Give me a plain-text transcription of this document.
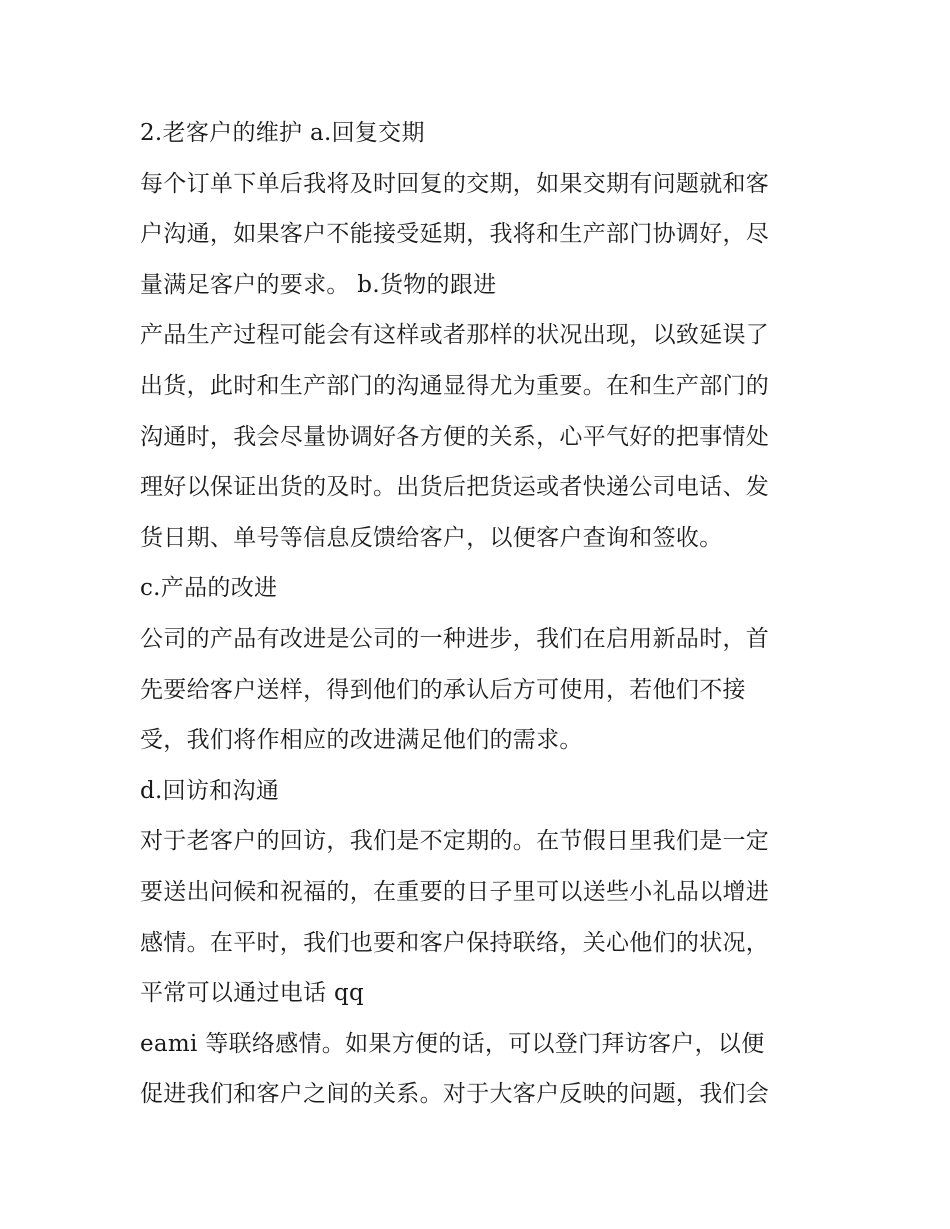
2.老客户的维护 a.回复交期
每个订单下单后我将及时回复的交期，如果交期有问题就和客
户沟通，如果客户不能接受延期，我将和生产部门协调好，尽
量满足客户的要求。 b.货物的跟进
产品生产过程可能会有这样或者那样的状况出现，以致延误了
出货，此时和生产部门的沟通显得尤为重要。在和生产部门的
沟通时，我会尽量协调好各方便的关系，心平气好的把事情处
理好以保证出货的及时。出货后把货运或者快递公司电话、发
货日期、单号等信息反馈给客户，以便客户查询和签收。
c.产品的改进
公司的产品有改进是公司的一种进步，我们在启用新品时，首
先要给客户送样，得到他们的承认后方可使用，若他们不接
受，我们将作相应的改进满足他们的需求。
d.回访和沟通
对于老客户的回访，我们是不定期的。在节假日里我们是一定
要送出问候和祝福的，在重要的日子里可以送些小礼品以增进
感情。在平时，我们也要和客户保持联络，关心他们的状况，
平常可以通过电话 qq
eami 等联络感情。如果方便的话，可以登门拜访客户，以便
促进我们和客户之间的关系。对于大客户反映的问题，我们会
